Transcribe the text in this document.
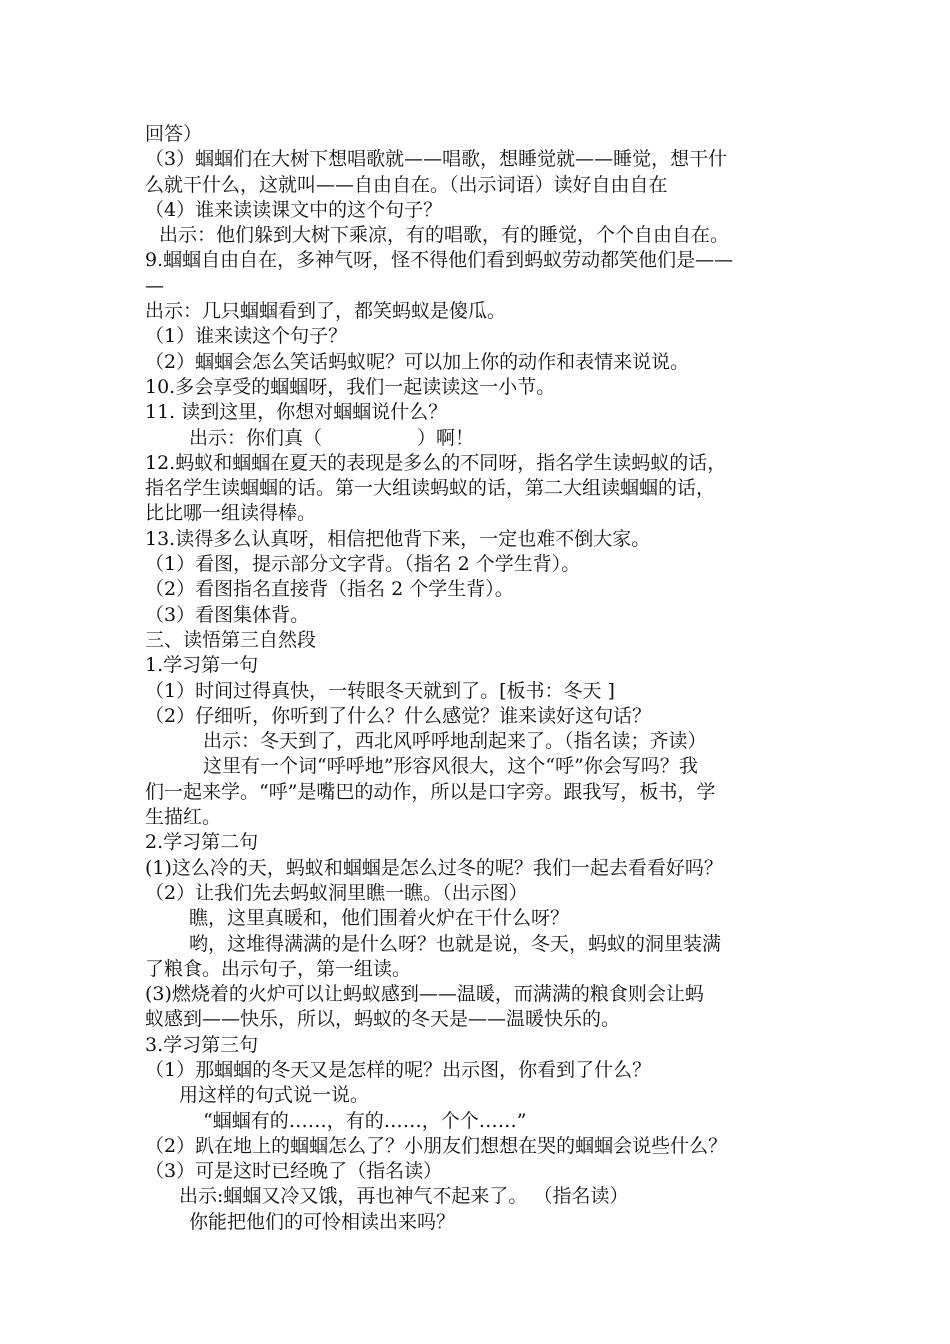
回答）
（3）蝈蝈们在大树下想唱歌就——唱歌，想睡觉就——睡觉，想干什
么就干什么，这就叫——自由自在。（出示词语）读好自由自在
（4）谁来读读课文中的这个句子？
出示：他们躲到大树下乘凉，有的唱歌，有的睡觉，个个自由自在。
9.蝈蝈自由自在，多神气呀，怪不得他们看到蚂蚁劳动都笑他们是——
—
出示：几只蝈蝈看到了，都笑蚂蚁是傻瓜。
（1）谁来读这个句子？
（2）蝈蝈会怎么笑话蚂蚁呢？可以加上你的动作和表情来说说。
10.多会享受的蝈蝈呀，我们一起读读这一小节。
11. 读到这里，你想对蝈蝈说什么？
出示：你们真（　　　　　）啊！
12.蚂蚁和蝈蝈在夏天的表现是多么的不同呀，指名学生读蚂蚁的话，
指名学生读蝈蝈的话。第一大组读蚂蚁的话，第二大组读蝈蝈的话，
比比哪一组读得棒。
13.读得多么认真呀，相信把他背下来，一定也难不倒大家。
（1）看图，提示部分文字背。（指名 2 个学生背）。
（2）看图指名直接背（指名 2 个学生背）。
（3）看图集体背。
三、读悟第三自然段
1.学习第一句
（1）时间过得真快，一转眼冬天就到了。[板书：冬天 ]
（2）仔细听，你听到了什么？什么感觉？谁来读好这句话？
出示：冬天到了，西北风呼呼地刮起来了。（指名读；齐读）
这里有一个词“呼呼地”形容风很大，这个“呼”你会写吗？我
们一起来学。“呼”是嘴巴的动作，所以是口字旁。跟我写，板书，学
生描红。
2.学习第二句
(1)这么冷的天，蚂蚁和蝈蝈是怎么过冬的呢？我们一起去看看好吗？
（2）让我们先去蚂蚁洞里瞧一瞧。（出示图）
瞧，这里真暖和，他们围着火炉在干什么呀？
哟，这堆得满满的是什么呀？也就是说，冬天，蚂蚁的洞里装满
了粮食。出示句子，第一组读。
(3)燃烧着的火炉可以让蚂蚁感到——温暖，而满满的粮食则会让蚂
蚁感到——快乐，所以，蚂蚁的冬天是——温暖快乐的。
3.学习第三句
（1）那蝈蝈的冬天又是怎样的呢？出示图，你看到了什么？
用这样的句式说一说。
“蝈蝈有的……，有的……，个个……”
（2）趴在地上的蝈蝈怎么了？小朋友们想想在哭的蝈蝈会说些什么？
（3）可是这时已经晚了（指名读）
出示:蝈蝈又冷又饿，再也神气不起来了。 （指名读）
你能把他们的可怜相读出来吗？
